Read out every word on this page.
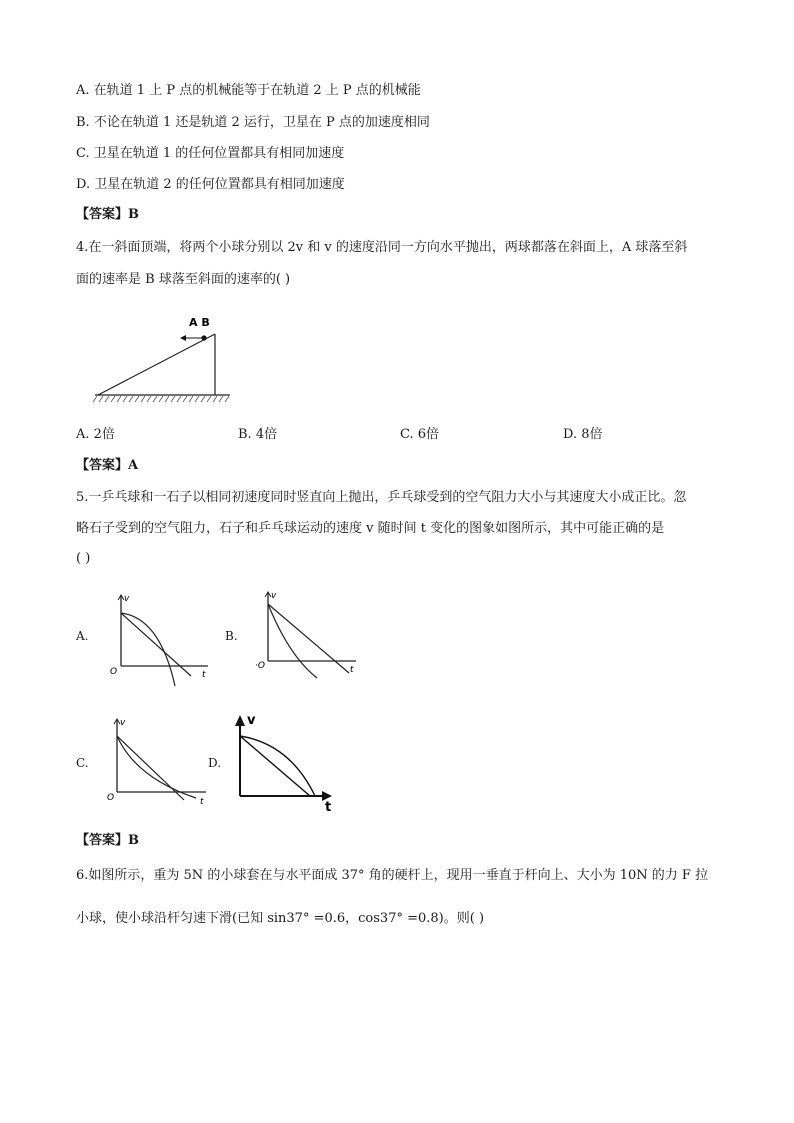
A. 在轨道 1 上 P 点的机械能等于在轨道 2 上 P 点的机械能
B. 不论在轨道 1 还是轨道 2 运行，卫星在 P 点的加速度相同
C. 卫星在轨道 1 的任何位置都具有相同加速度
D. 卫星在轨道 2 的任何位置都具有相同加速度
【答案】B
4.在一斜面顶端，将两个小球分别以 2v 和 v 的速度沿同一方向水平抛出，两球都落在斜面上，A 球落至斜
面的速率是 B 球落至斜面的速率的( )
A B
A. 2倍	B. 4倍	C. 6倍	D. 8倍
【答案】A
5.一乒乓球和一石子以相同初速度同时竖直向上抛出，乒乓球受到的空气阻力大小与其速度大小成正比。忽
略石子受到的空气阻力，石子和乒乓球运动的速度 v 随时间 t 变化的图象如图所示，其中可能正确的是
( )
A.
v
O	t
B.
v
·O	t
C.
v
O	t
D.
v
t
【答案】B
6.如图所示，重为 5N 的小球套在与水平面成 37° 角的硬杆上，现用一垂直于杆向上、大小为 10N 的力 F 拉
小球，使小球沿杆匀速下滑(已知 sin37° =0.6，cos37° =0.8)。则( )
